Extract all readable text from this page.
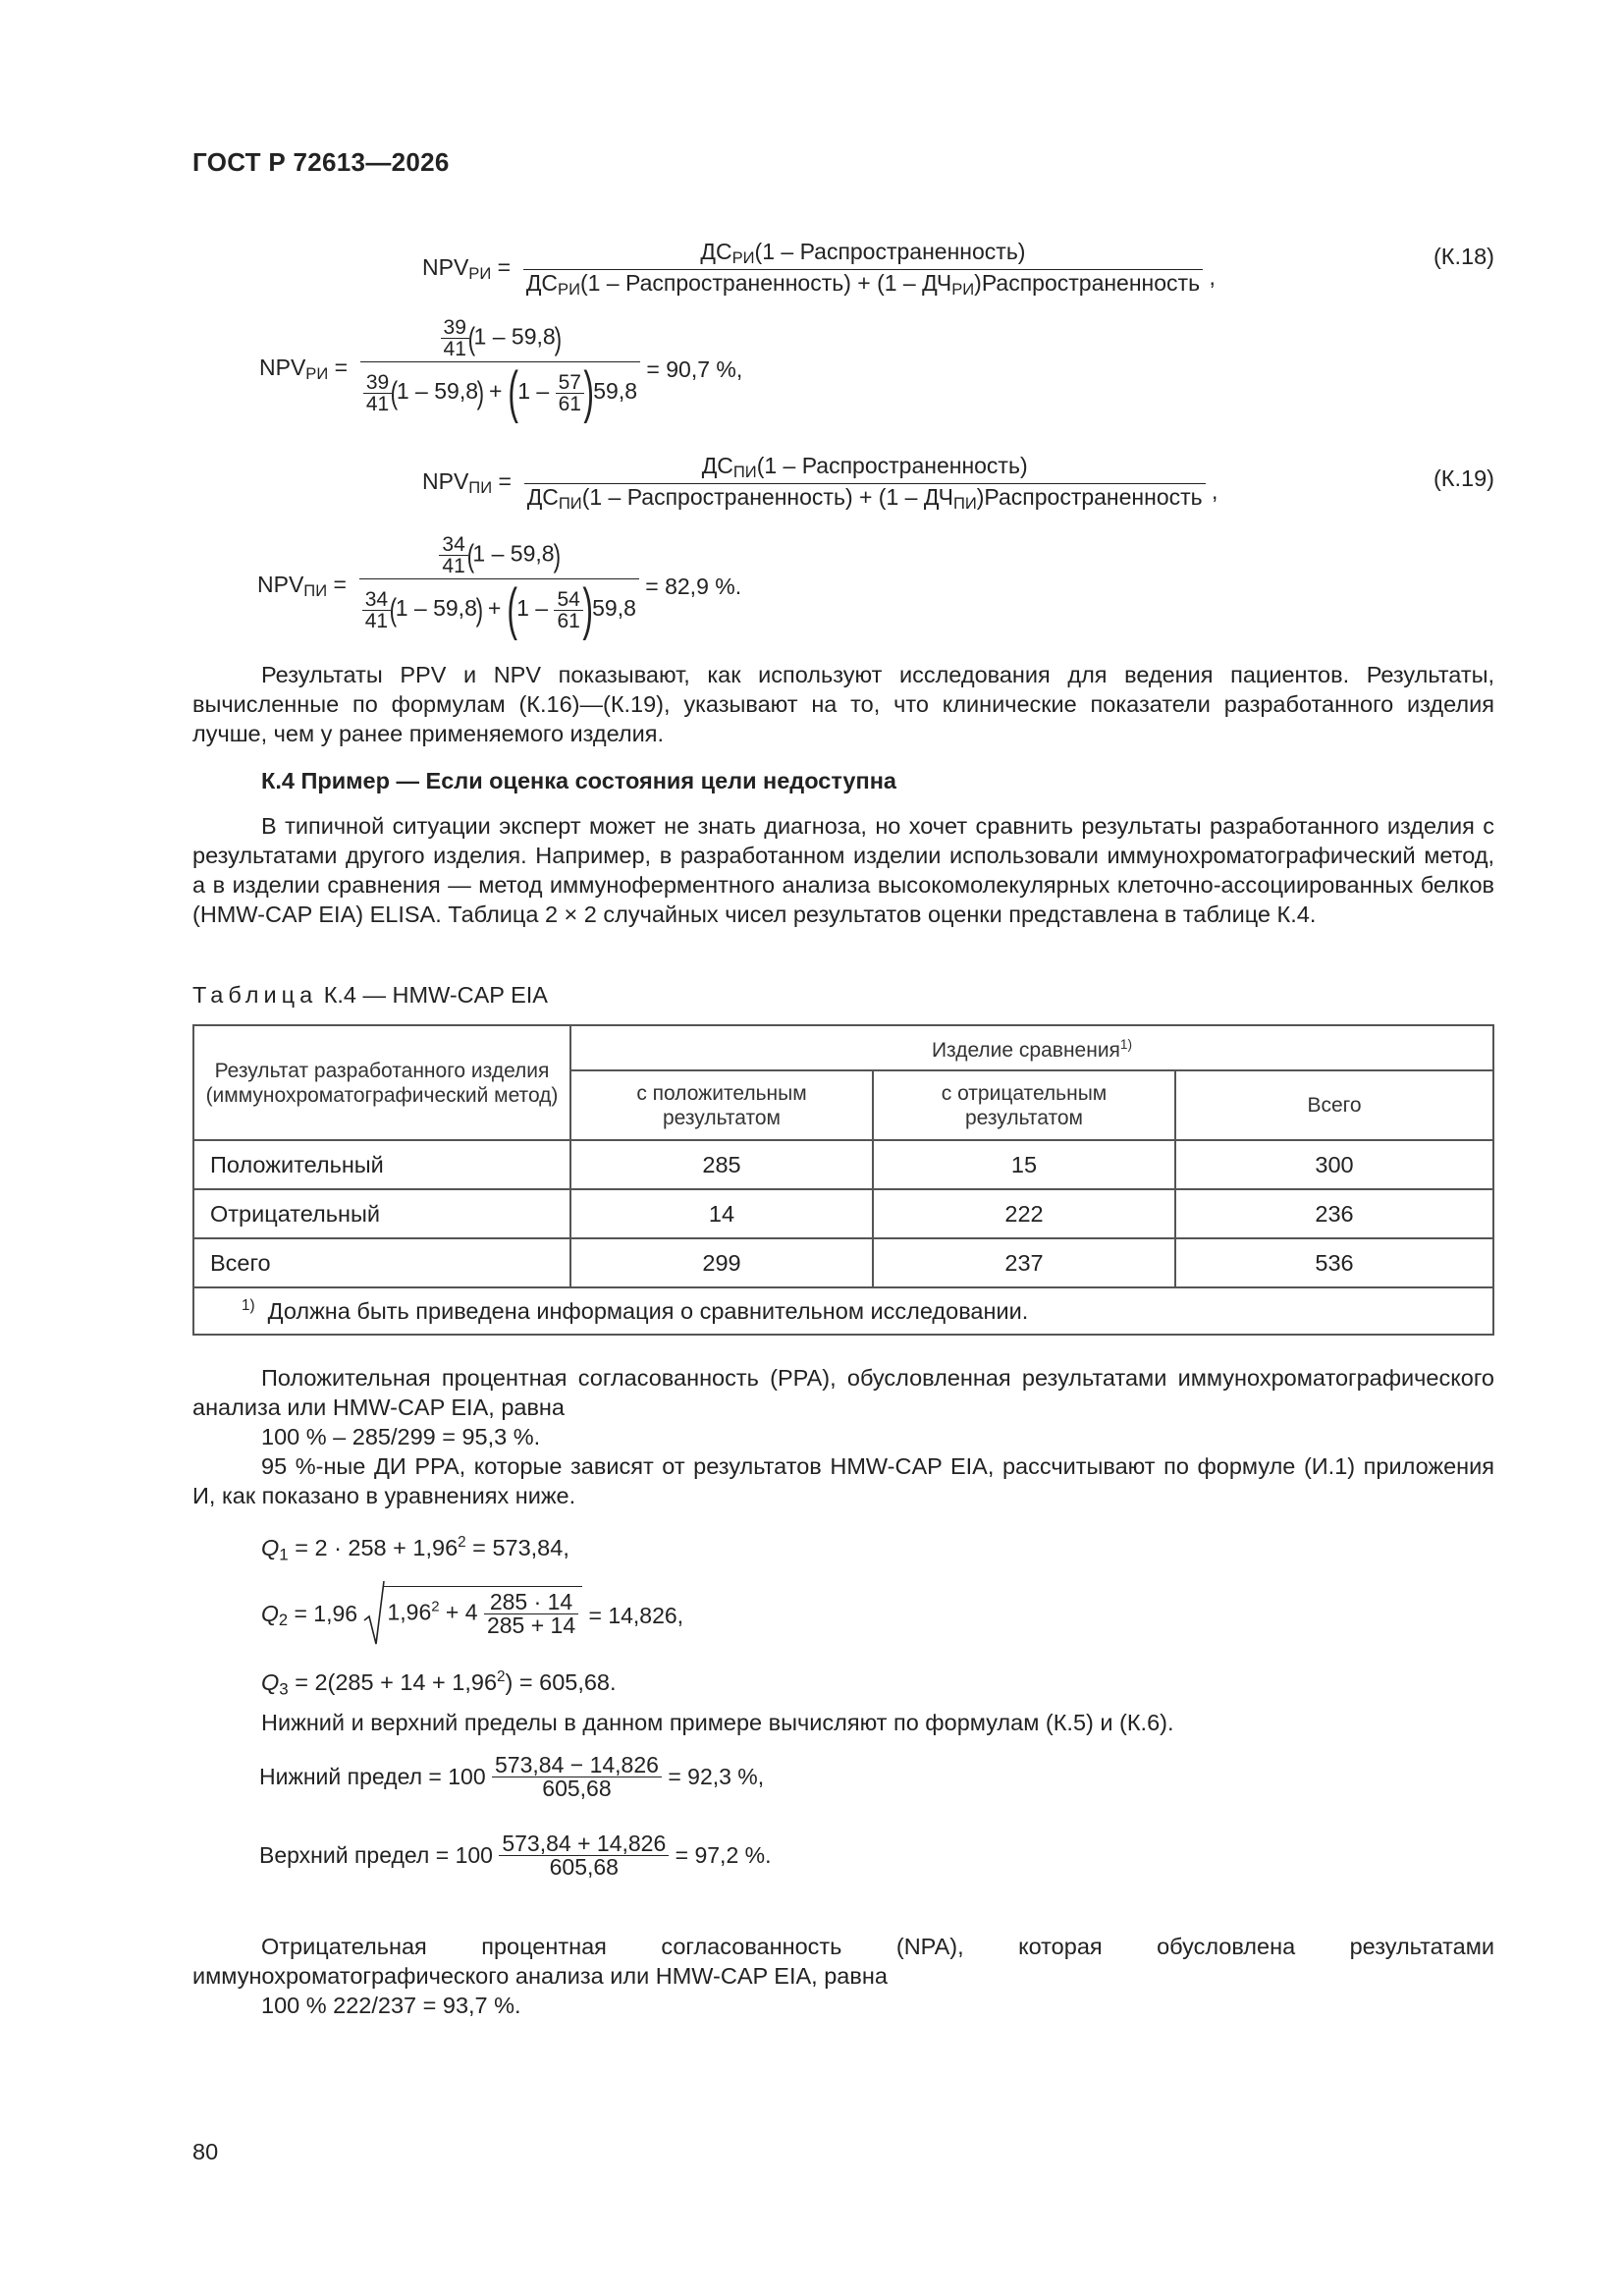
ГОСТ Р 72613—2026
$NPV_{РИ} = \frac{ДС_{РИ}(1 - Распространенность)}{ДС_{РИ}(1 - Распространенность) + (1 - ДЧ_{РИ})Распространенность}$ ,
(К.18)
$NPV_{РИ} = \frac{39}{41}$
(1 – 59,8)
$\frac{39}{41}$
$(1 - 59,8) + (1 - \frac{57}{61} )59,8 = 90,7$ %,
$NPV_{ПИ} = \frac{ДС_{ПИ}(1 - Распространенность)}{ДС_{ПИ}(1 - Распространенность) + (1 - ДЧ_{ПИ})Распространенность}$ ,	(К.19)
$NPV_{ПИ} = \frac{34}{41}$
(1 – 59,8)
$\frac{34}{41}$
$(1 - 59,8) + (1 - \frac{54}{61} )59,8 = 82,9$ %.
Результаты PPV и NPV показывают, как используют исследования для ведения пациентов. Результаты, вычисленные по формулам (К.16)—(К.19), указывают на то, что клинические показатели разработанного изделия лучше, чем у ранее применяемого изделия.
К.4 Пример — Если оценка состояния цели недоступна
В типичной ситуации эксперт может не знать диагноза, но хочет сравнить результаты разработанного изделия с результатами другого изделия. Например, в разработанном изделии использовали иммунохроматографический метод, а в изделии сравнения — метод иммуноферментного анализа высокомолекулярных клеточно-ассоциированных белков (HMW-CAP EIA) ELISA. Таблица 2 × 2 случайных чисел результатов оценки представлена в таблице К.4.
Таблица К.4 — HMW-CAP EIA
Результат разработанного изделия (иммунохроматографический метод)	Изделие сравнения$^{1)}$
	с положительным результатом	с отрицательным результатом	Всего
Положительный	285	15	300
Отрицательный	14	222	236
Всего	299	237	536
$^{1)}$ Должна быть приведена информация о сравнительном исследовании.			
Положительная процентная согласованность (PPA), обусловленная результатами иммунохроматографического анализа или HMW-CAP EIA, равна
100 % – 285/299 = 95,3 %.
95 %-ные ДИ PPA, которые зависят от результатов HMW-CAP EIA, рассчитывают по формуле (И.1) приложения И, как показано в уравнениях ниже.
$Q_1 = 2 \cdot 258 + 1,96^2 = 573,84$,
$Q_2 = 1,96$ $1,96^2 + 4 \frac{285 \cdot 14}{285 + 14} = 14,826$,
$Q_3 = 2(285 + 14 + 1,96^2) = 605,68$.
Нижний и верхний пределы в данном примере вычисляют по формулам (К.5) и (К.6).
Нижний предел = $100 \frac{573,84 - 14,826}{605,68} = 92,3$ %,
Верхний предел = $100 \frac{573,84 + 14,826}{605,68} = 97,2$ %.
Отрицательная процентная согласованность (NPA), которая обусловлена результатами иммунохроматографического анализа или HMW-CAP EIA, равна
100 % 222/237 = 93,7 %.
80
